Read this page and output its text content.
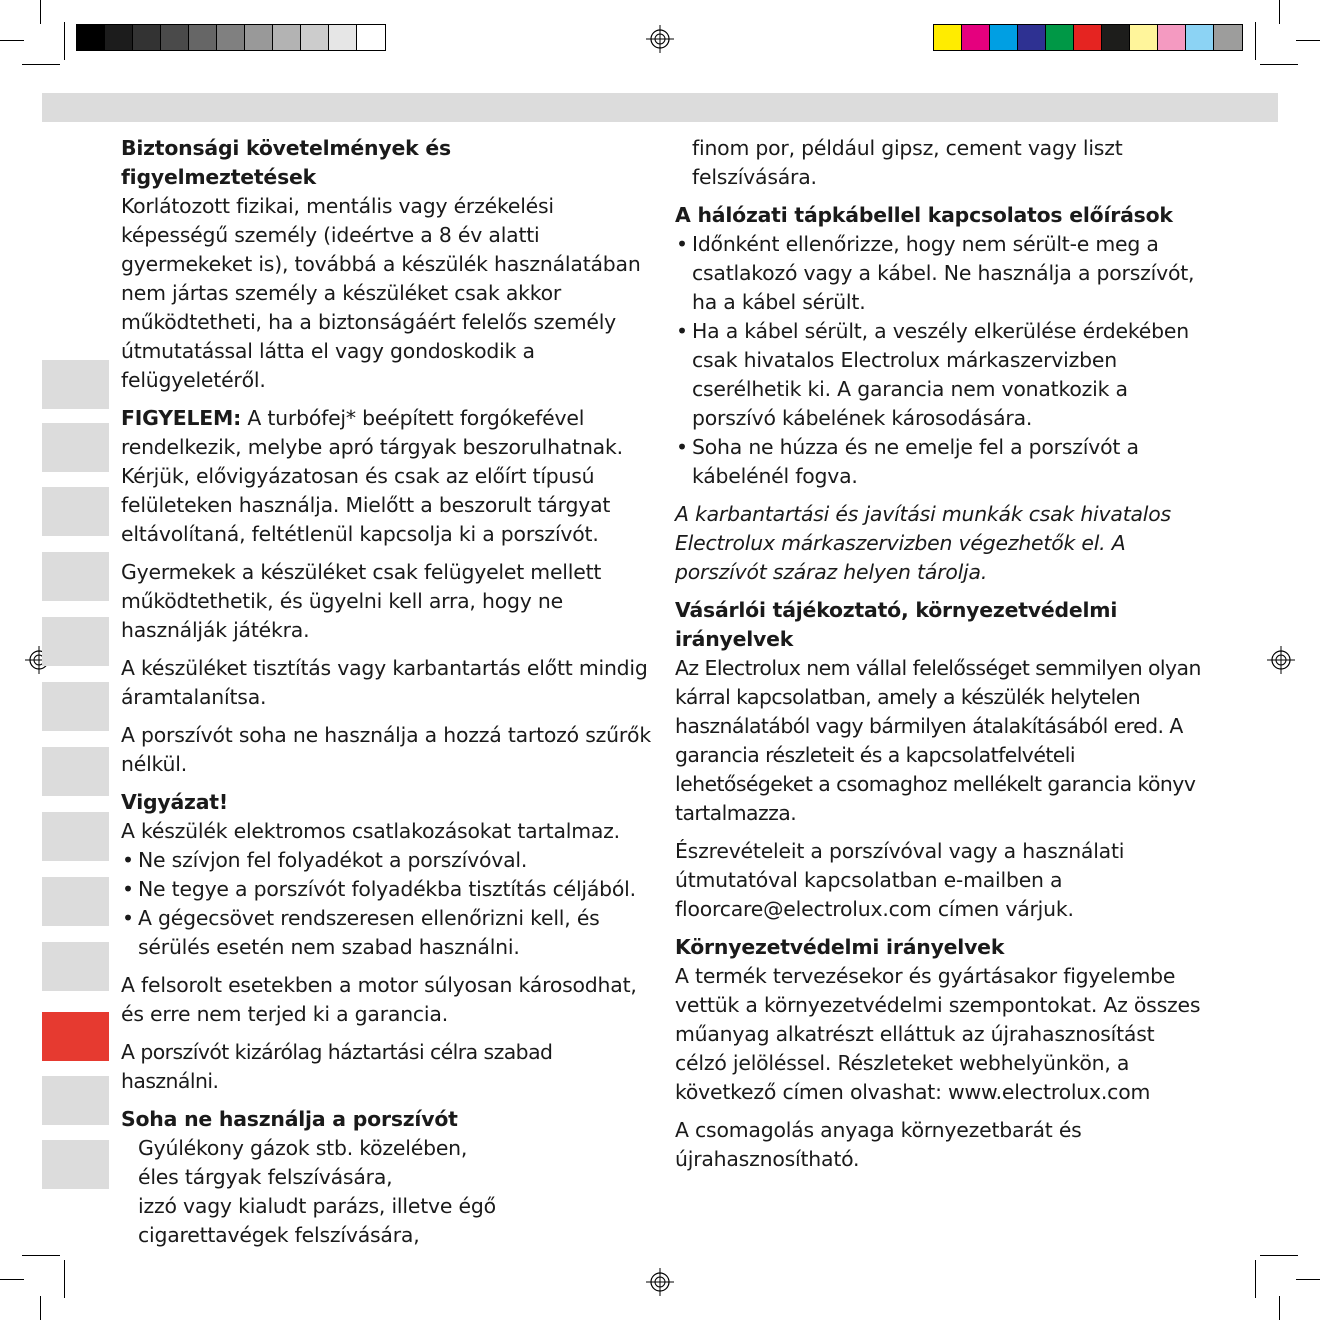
Biztonsági követelmények és figyelmeztetések

Korlátozott fizikai, mentális vagy érzékelési képességű személy (ideértve a 8 év alatti gyermekeket is), továbbá a készülék használatában nem jártas személy a készüléket csak akkor működtetheti, ha a biztonságáért felelős személy útmutatással látta el vagy gondoskodik a felügyeletéről.

FIGYELEM: A turbófej* beépített forgókefével rendelkezik, melybe apró tárgyak beszorulhatnak. Kérjük, elővigyázatosan és csak az előírt típusú felületeken használja. Mielőtt a beszorult tárgyat eltávolítaná, feltétlenül kapcsolja ki a porszívót.

Gyermekek a készüléket csak felügyelet mellett működtethetik, és ügyelni kell arra, hogy ne használják játékra.

A készüléket tisztítás vagy karbantartás előtt mindig áramtalanítsa.

A porszívót soha ne használja a hozzá tartozó szűrők nélkül.

Vigyázat!
A készülék elektromos csatlakozásokat tartalmaz.
• Ne szívjon fel folyadékot a porszívóval.
• Ne tegye a porszívót folyadékba tisztítás céljából.
• A gégecsövet rendszeresen ellenőrizni kell, és sérülés esetén nem szabad használni.

A felsorolt esetekben a motor súlyosan károsodhat, és erre nem terjed ki a garancia.

A porszívót kizárólag háztartási célra szabad használni.

Soha ne használja a porszívót
Gyúlékony gázok stb. közelében,
éles tárgyak felszívására,
izzó vagy kialudt parázs, illetve égő cigarettavégek felszívására,

finom por, például gipsz, cement vagy liszt felszívására.

A hálózati tápkábellel kapcsolatos előírások
• Időnként ellenőrizze, hogy nem sérült-e meg a csatlakozó vagy a kábel. Ne használja a porszívót, ha a kábel sérült.
• Ha a kábel sérült, a veszély elkerülése érdekében csak hivatalos Electrolux márkaszervizben cserélhetik ki. A garancia nem vonatkozik a porszívó kábelének károsodására.
• Soha ne húzza és ne emelje fel a porszívót a kábelénél fogva.

A karbantartási és javítási munkák csak hivatalos Electrolux márkaszervizben végezhetők el. A porszívót száraz helyen tárolja.

Vásárlói tájékoztató, környezetvédelmi irányelvek

Az Electrolux nem vállal felelősséget semmilyen olyan kárral kapcsolatban, amely a készülék helytelen használatából vagy bármilyen átalakításából ered. A garancia részleteit és a kapcsolatfelvételi lehetőségeket a csomaghoz mellékelt garancia könyv tartalmazza.

Észrevételeit a porszívóval vagy a használati útmutatóval kapcsolatban e-mailben a floorcare@electrolux.com címen várjuk.

Környezetvédelmi irányelvek

A termék tervezésekor és gyártásakor figyelembe vettük a környezetvédelmi szempontokat. Az összes műanyag alkatrészt elláttuk az újrahasznosítást célzó jelöléssel. Részleteket webhelyünkön, a következő címen olvashat: www.electrolux.com

A csomagolás anyaga környezetbarát és újrahasznosítható.
